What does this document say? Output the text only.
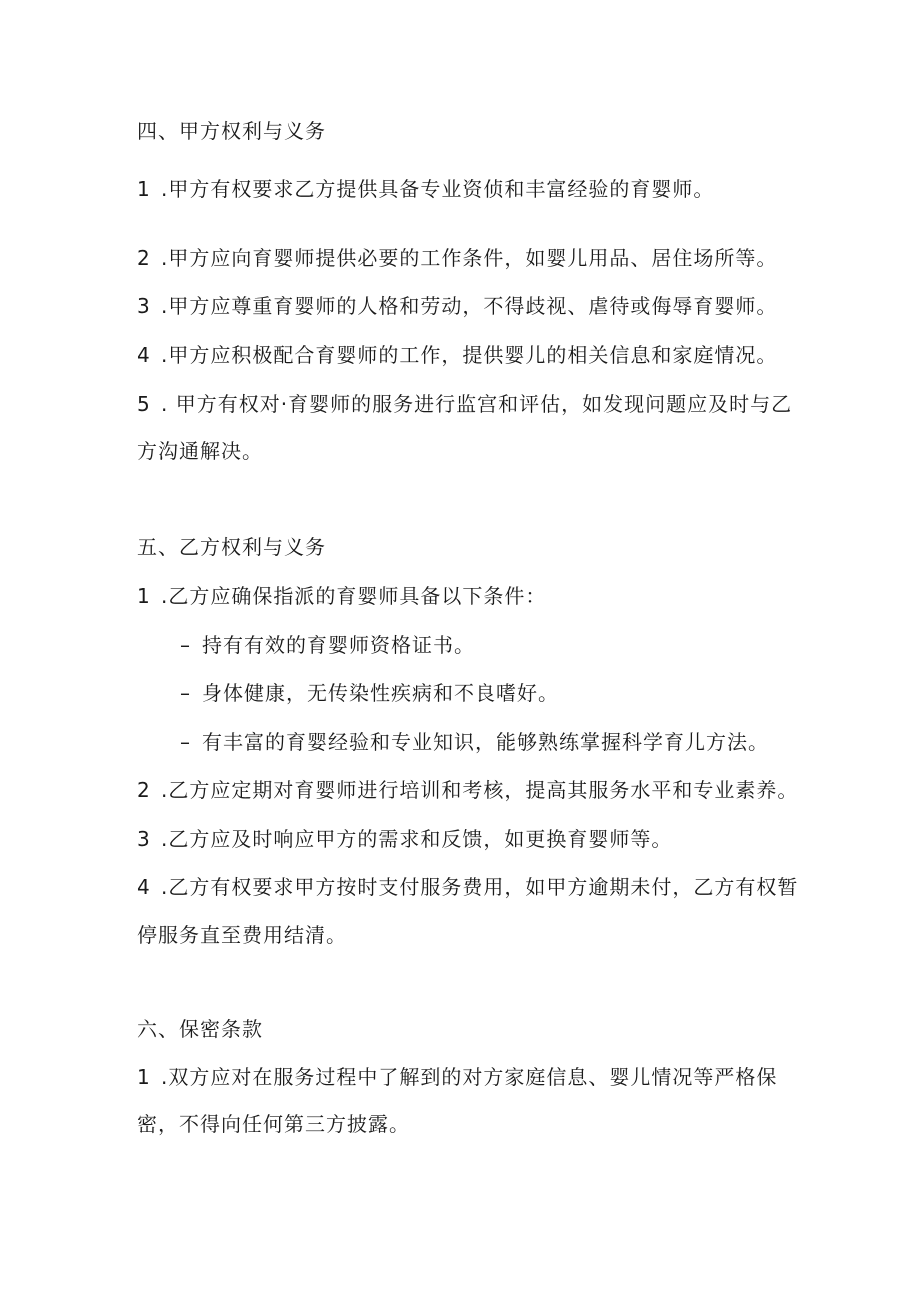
四、甲方权利与义务
1 .甲方有权要求乙方提供具备专业资侦和丰富经验的育婴师。
2 .甲方应向育婴师提供必要的工作条件，如婴儿用品、居住场所等。
3 .甲方应尊重育婴师的人格和劳动，不得歧视、虐待或侮辱育婴师。
4 .甲方应积极配合育婴师的工作，提供婴儿的相关信息和家庭情况。
5 . 甲方有权对·育婴师的服务进行监宫和评估，如发现问题应及时与乙
方沟通解决。
五、乙方权利与义务
1 .乙方应确保指派的育婴师具备以下条件：
– 持有有效的育婴师资格证书。
– 身体健康，无传染性疾病和不良嗜好。
– 有丰富的育婴经验和专业知识，能够熟练掌握科学育儿方法。
2 .乙方应定期对育婴师进行培训和考核，提高其服务水平和专业素养。
3 .乙方应及时响应甲方的需求和反馈，如更换育婴师等。
4 .乙方有权要求甲方按时支付服务费用，如甲方逾期未付，乙方有权暂
停服务直至费用结清。
六、保密条款
1 .双方应对在服务过程中了解到的对方家庭信息、婴儿情况等严格保
密，不得向任何第三方披露。
